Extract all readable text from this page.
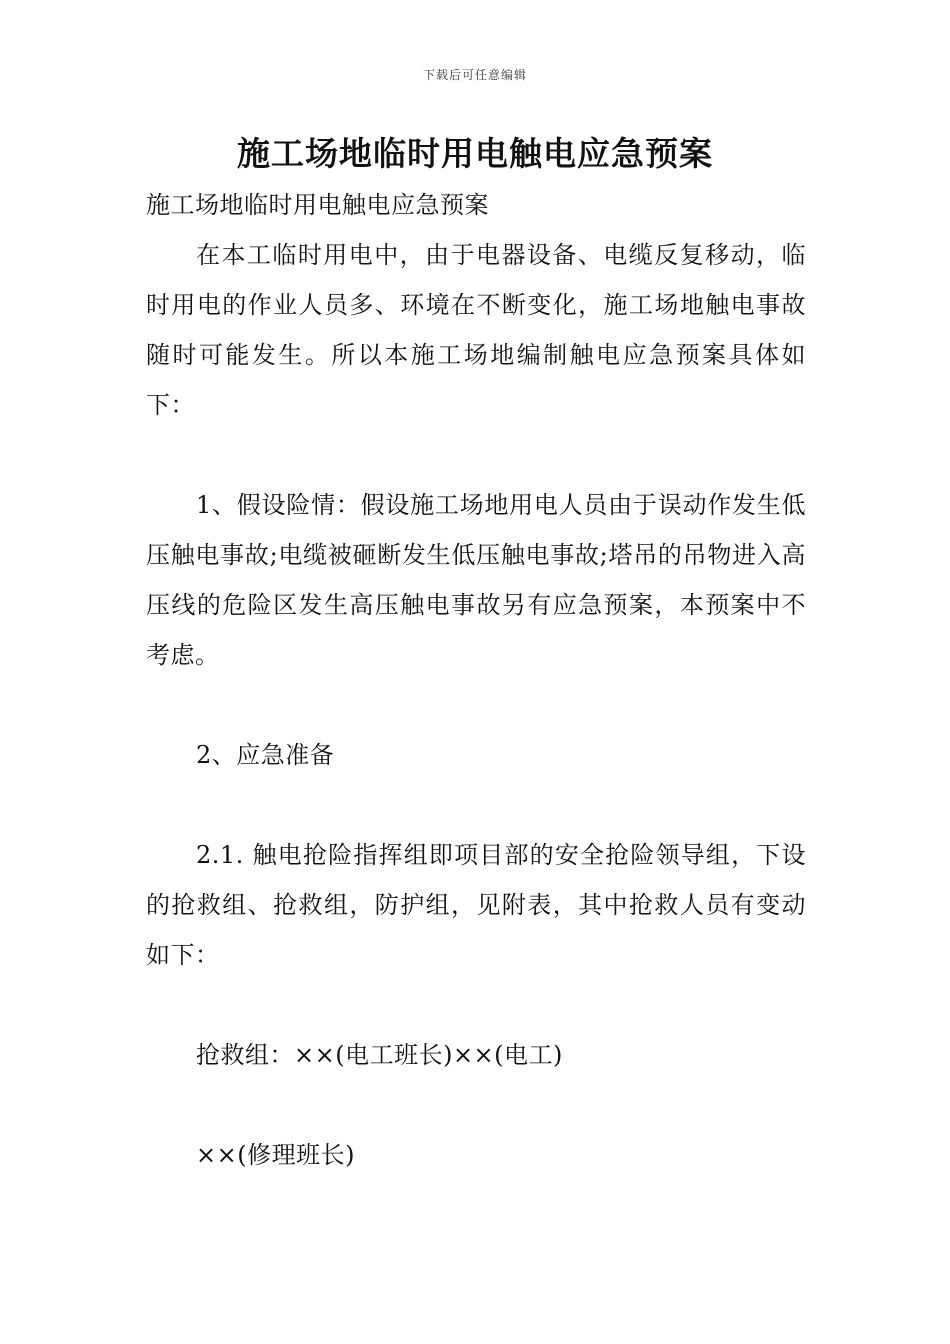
下载后可任意编辑
施工场地临时用电触电应急预案

施工场地临时用电触电应急预案

在本工临时用电中，由于电器设备、电缆反复移动，临时用电的作业人员多、环境在不断变化，施工场地触电事故随时可能发生。所以本施工场地编制触电应急预案具体如下：

1、假设险情：假设施工场地用电人员由于误动作发生低压触电事故;电缆被砸断发生低压触电事故;塔吊的吊物进入高压线的危险区发生高压触电事故另有应急预案，本预案中不考虑。

2、应急准备

2.1. 触电抢险指挥组即项目部的安全抢险领导组，下设的抢救组、抢救组，防护组，见附表，其中抢救人员有变动如下：

抢救组：××(电工班长)××(电工)

××(修理班长)
